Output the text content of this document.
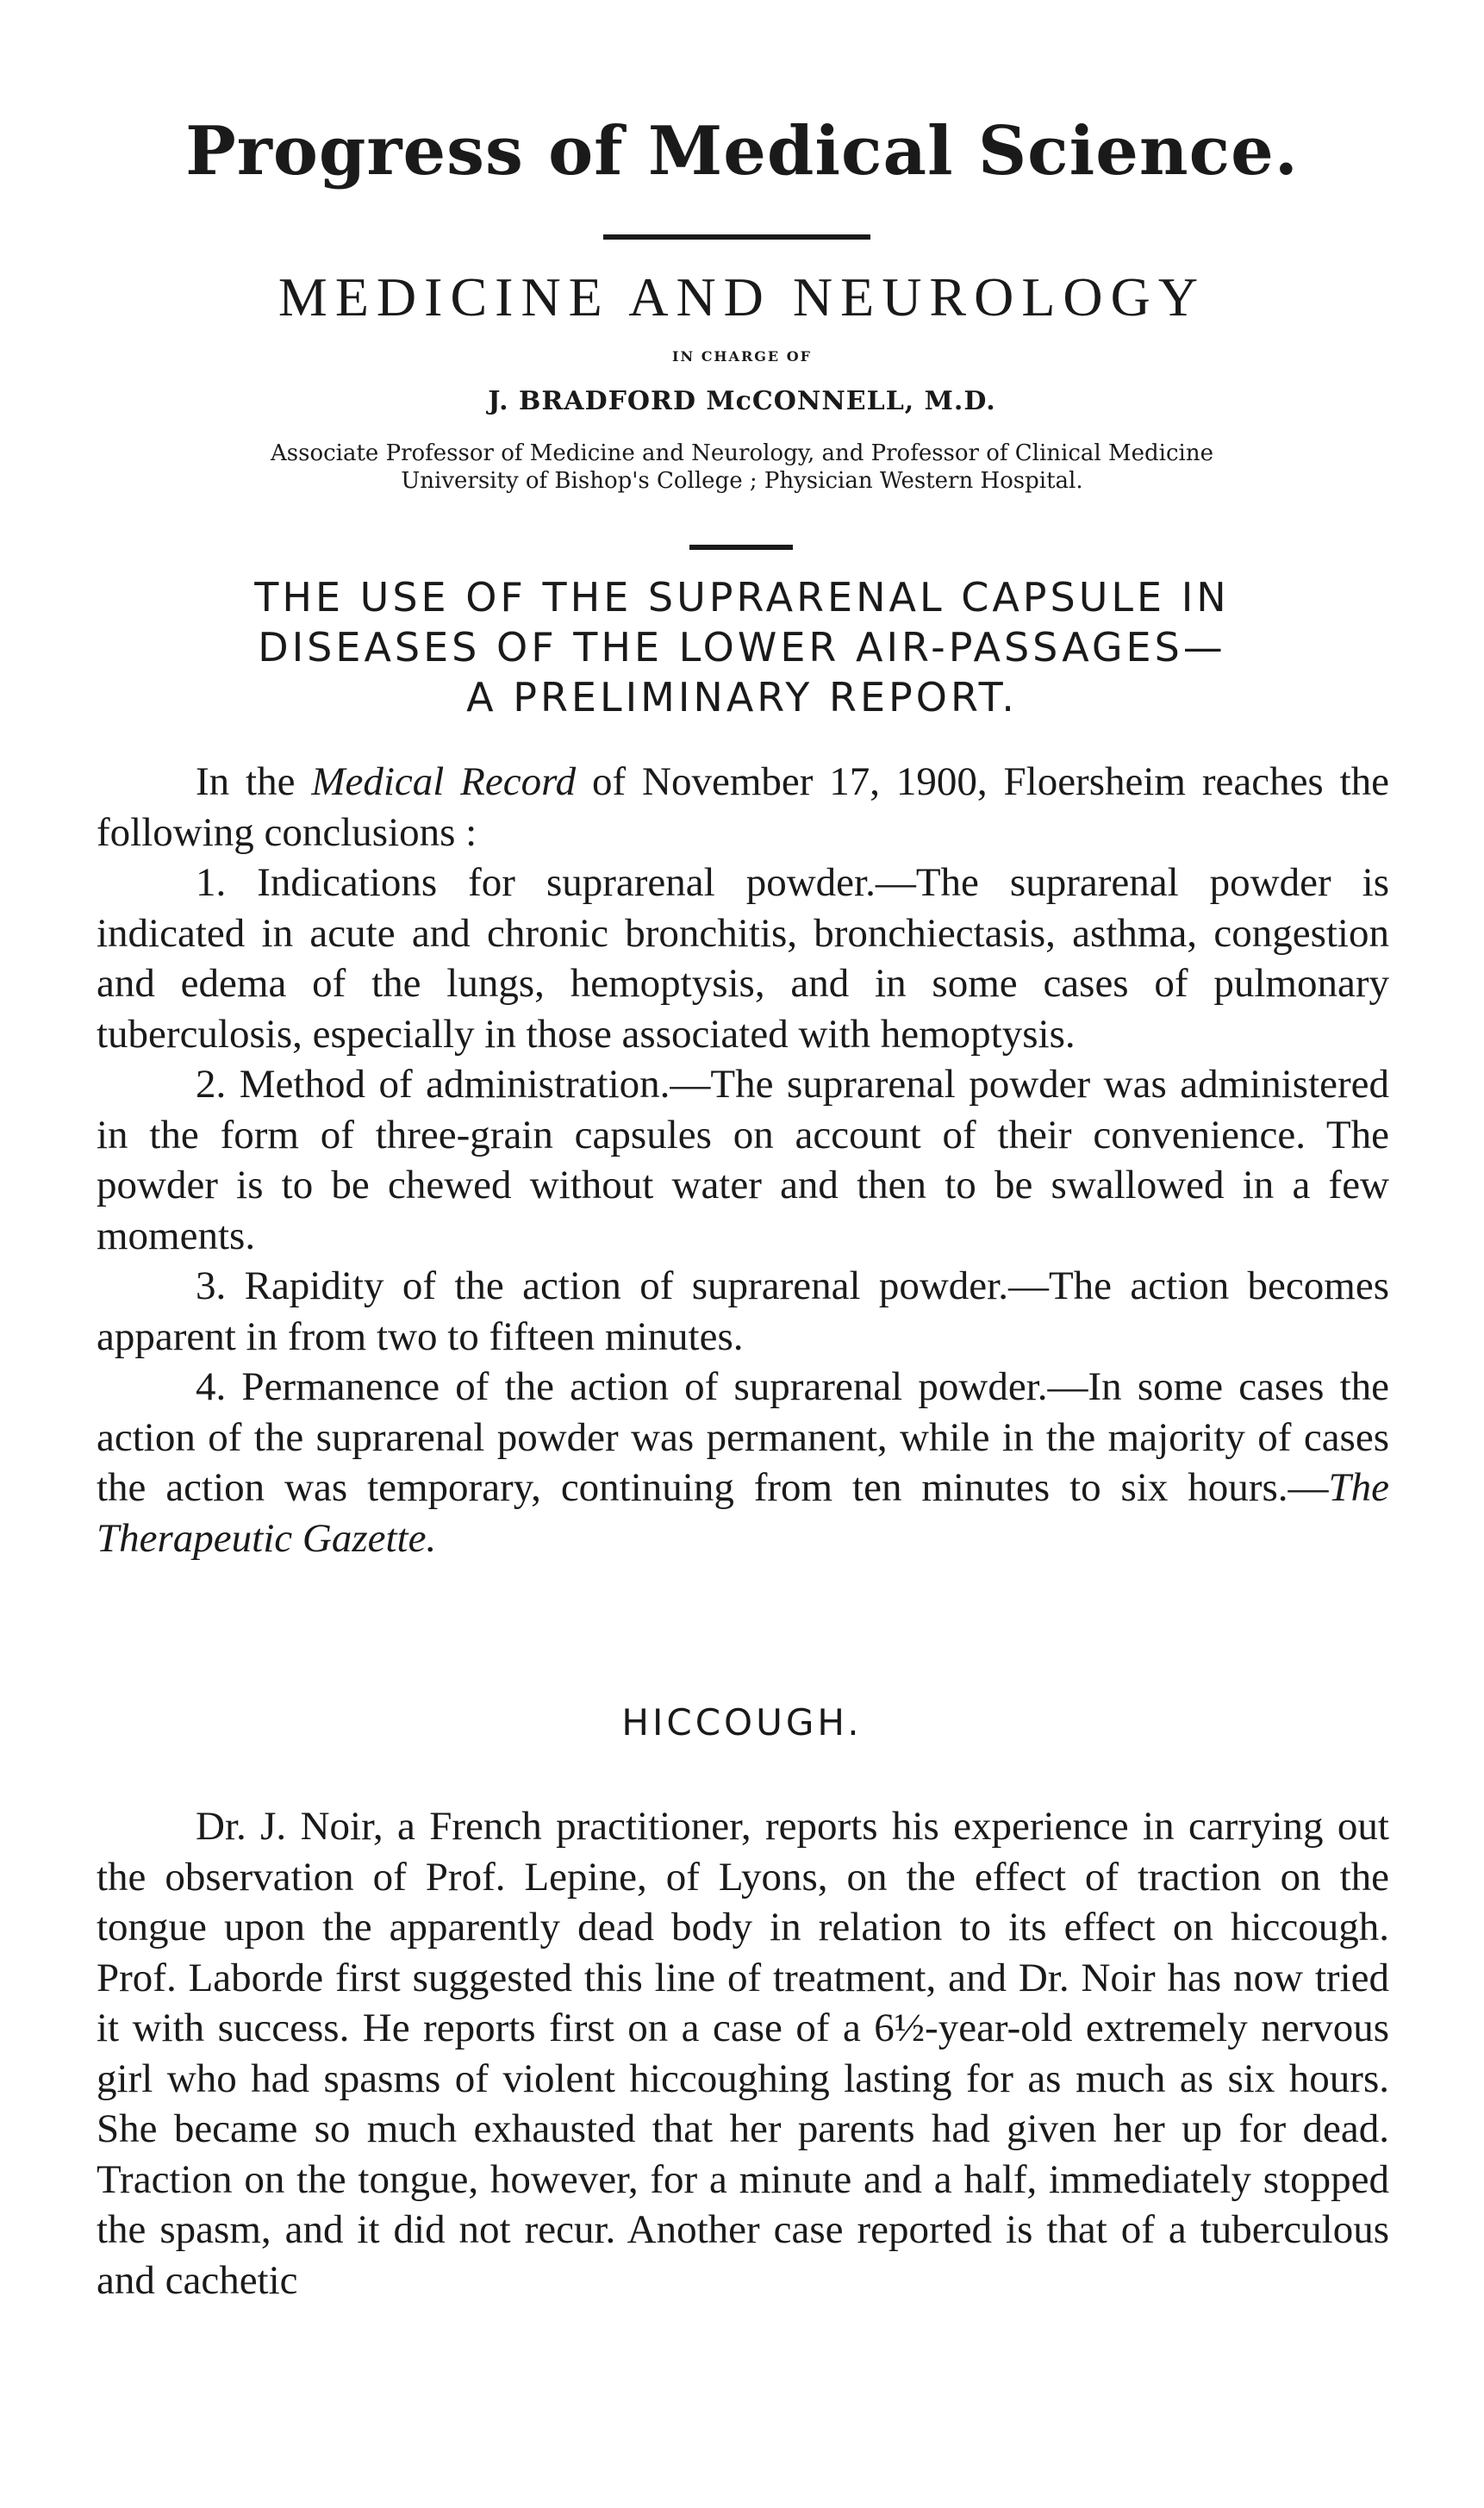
Progress of Medical Science.
MEDICINE AND NEUROLOGY
IN CHARGE OF
J. BRADFORD McCONNELL, M.D.
Associate Professor of Medicine and Neurology, and Professor of Clinical Medicine
University of Bishop's College ; Physician Western Hospital.
THE USE OF THE SUPRARENAL CAPSULE IN
DISEASES OF THE LOWER AIR-PASSAGES—
A PRELIMINARY REPORT.

In the Medical Record of November 17, 1900, Floersheim reaches the following conclusions :

1. Indications for suprarenal powder.—The suprarenal powder is indicated in acute and chronic bronchitis, bronchiectasis, asthma, congestion and edema of the lungs, hemoptysis, and in some cases of pulmonary tuberculosis, especially in those associated with hemoptysis.

2. Method of administration.—The suprarenal powder was administered in the form of three-grain capsules on account of their convenience. The powder is to be chewed without water and then to be swallowed in a few moments.

3. Rapidity of the action of suprarenal powder.—The action becomes apparent in from two to fifteen minutes.

4. Permanence of the action of suprarenal powder.—In some cases the action of the suprarenal powder was permanent, while in the majority of cases the action was temporary, continuing from ten minutes to six hours.—The Therapeutic Gazette.

HICCOUGH.

Dr. J. Noir, a French practitioner, reports his experience in carrying out the observation of Prof. Lepine, of Lyons, on the effect of traction on the tongue upon the apparently dead body in relation to its effect on hiccough. Prof. Laborde first suggested this line of treatment, and Dr. Noir has now tried it with success. He reports first on a case of a 6½-year-old extremely nervous girl who had spasms of violent hiccoughing lasting for as much as six hours. She became so much exhausted that her parents had given her up for dead. Traction on the tongue, however, for a minute and a half, immediately stopped the spasm, and it did not recur. Another case reported is that of a tuberculous and cachetic
